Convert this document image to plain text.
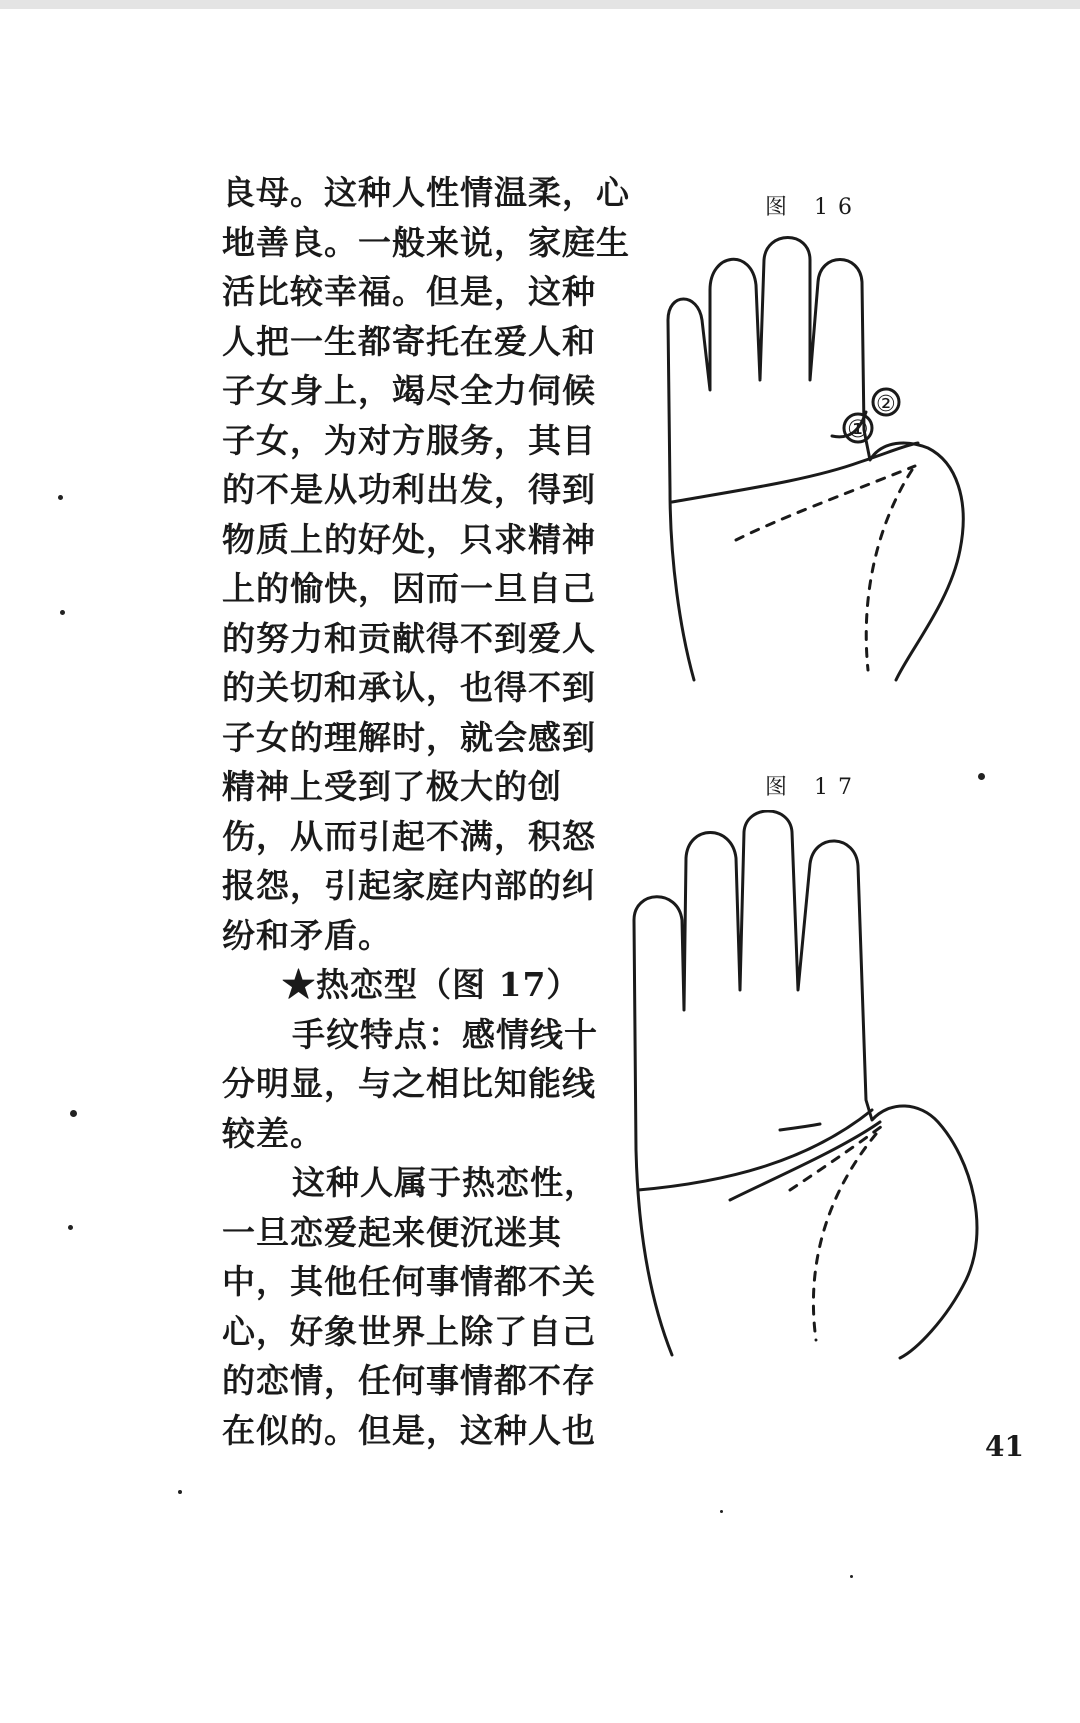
良母。这种人性情温柔，心
地善良。一般来说，家庭生
活比较幸福。但是，这种
人把一生都寄托在爱人和
子女身上，竭尽全力伺候
子女，为对方服务，其目
的不是从功利出发，得到
物质上的好处，只求精神
上的愉快，因而一旦自己
的努力和贡献得不到爱人
的关切和承认，也得不到
子女的理解时，就会感到
精神上受到了极大的创
伤，从而引起不满，积怒
报怨，引起家庭内部的纠
纷和矛盾。
★热恋型（图 17）
手纹特点：感情线十
分明显，与之相比知能线
较差。
这种人属于热恋性，
一旦恋爱起来便沉迷其
中，其他任何事情都不关
心，好象世界上除了自己
的恋情，任何事情都不存
在似的。但是，这种人也
图 16
①
②
图 17
41
